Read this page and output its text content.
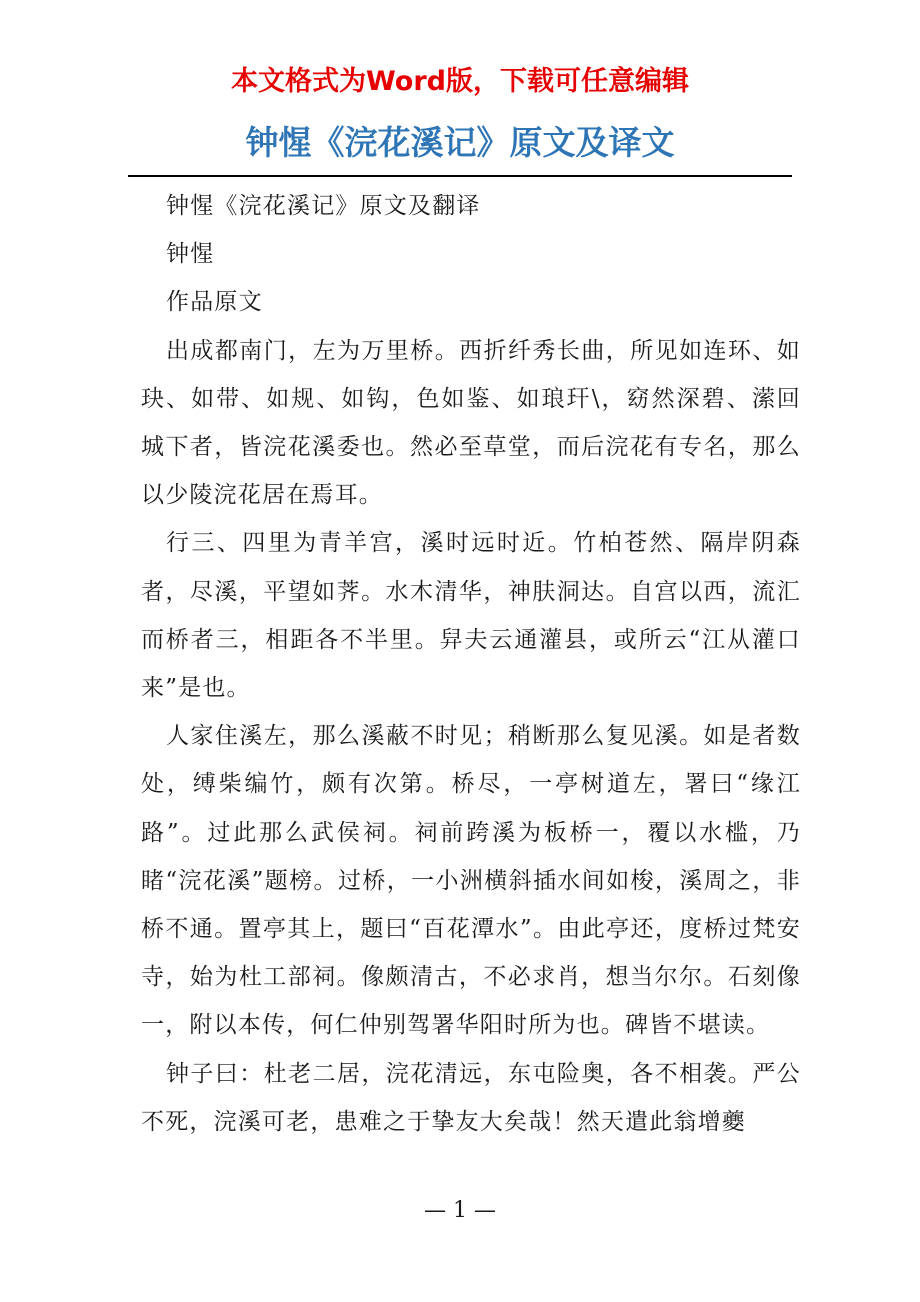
本文格式为Word版，下载可任意编辑
钟惺《浣花溪记》原文及译文

钟惺《浣花溪记》原文及翻译

钟惺

作品原文

出成都南门，左为万里桥。西折纤秀长曲，所见如连环、如玦、如带、如规、如钩，色如鉴、如琅玕\，窈然深碧、潆回城下者，皆浣花溪委也。然必至草堂，而后浣花有专名，那么以少陵浣花居在焉耳。

行三、四里为青羊宫，溪时远时近。竹柏苍然、隔岸阴森者，尽溪，平望如荠。水木清华，神肤洞达。自宫以西，流汇而桥者三，相距各不半里。舁夫云通灌县，或所云“江从灌口来”是也。

人家住溪左，那么溪蔽不时见；稍断那么复见溪。如是者数处，缚柴编竹，颇有次第。桥尽，一亭树道左，署曰“缘江路”。过此那么武侯祠。祠前跨溪为板桥一，覆以水槛，乃睹“浣花溪”题榜。过桥，一小洲横斜插水间如梭，溪周之，非桥不通。置亭其上，题曰“百花潭水”。由此亭还，度桥过梵安寺，始为杜工部祠。像颇清古，不必求肖，想当尔尔。石刻像一，附以本传，何仁仲别驾署华阳时所为也。碑皆不堪读。

钟子曰：杜老二居，浣花清远，东屯险奥，各不相袭。严公不死，浣溪可老，患难之于挚友大矣哉！然天遣此翁增夔

— 1 —
